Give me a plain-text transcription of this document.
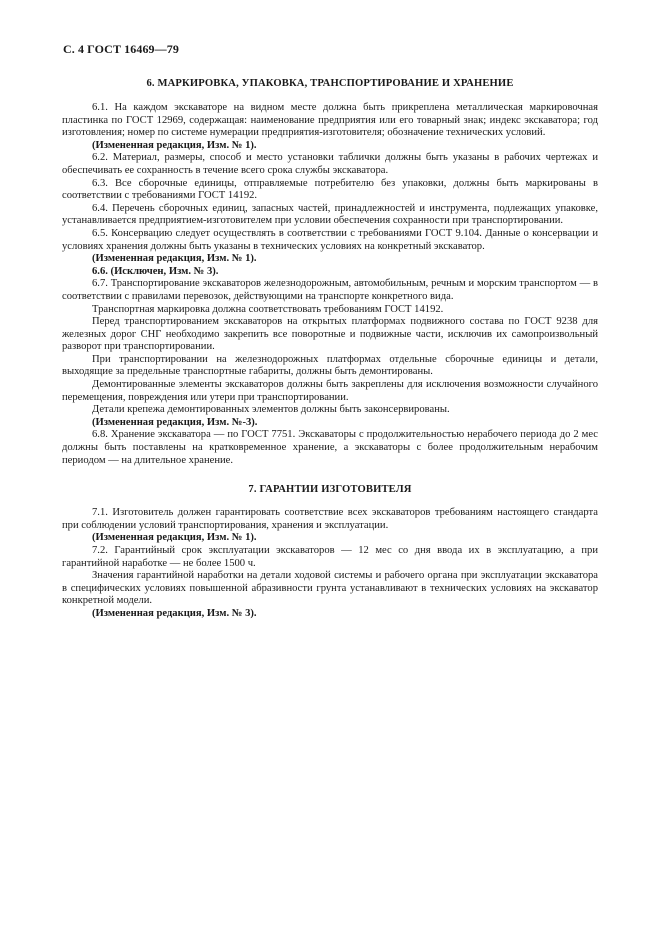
С. 4 ГОСТ 16469—79
6. МАРКИРОВКА, УПАКОВКА, ТРАНСПОРТИРОВАНИЕ И ХРАНЕНИЕ

6.1. На каждом экскаваторе на видном месте должна быть прикреплена металлическая маркировочная пластинка по ГОСТ 12969, содержащая: наименование предприятия или его товарный знак; индекс экскаватора; год изготовления; номер по системе нумерации предприятия-изготовителя; обозначение технических условий.

(Измененная редакция, Изм. № 1).

6.2. Материал, размеры, способ и место установки таблички должны быть указаны в рабочих чертежах и обеспечивать ее сохранность в течение всего срока службы экскаватора.

6.3. Все сборочные единицы, отправляемые потребителю без упаковки, должны быть маркированы в соответствии с требованиями ГОСТ 14192.

6.4. Перечень сборочных единиц, запасных частей, принадлежностей и инструмента, подлежащих упаковке, устанавливается предприятием-изготовителем при условии обеспечения сохранности при транспортировании.

6.5. Консервацию следует осуществлять в соответствии с требованиями ГОСТ 9.104. Данные о консервации и условиях хранения должны быть указаны в технических условиях на конкретный экскаватор.

(Измененная редакция, Изм. № 1).

6.6. (Исключен, Изм. № 3).

6.7. Транспортирование экскаваторов железнодорожным, автомобильным, речным и морским транспортом — в соответствии с правилами перевозок, действующими на транспорте конкретного вида.

Транспортная маркировка должна соответствовать требованиям ГОСТ 14192.

Перед транспортированием экскаваторов на открытых платформах подвижного состава по ГОСТ 9238 для железных дорог СНГ необходимо закрепить все поворотные и подвижные части, исключив их самопроизвольный разворот при транспортировании.

При транспортировании на железнодорожных платформах отдельные сборочные единицы и детали, выходящие за предельные транспортные габариты, должны быть демонтированы.

Демонтированные элементы экскаваторов должны быть закреплены для исключения возможности случайного перемещения, повреждения или утери при транспортировании.

Детали крепежа демонтированных элементов должны быть законсервированы.

(Измененная редакция, Изм. №-3).

6.8. Хранение экскаватора — по ГОСТ 7751. Экскаваторы с продолжительностью нерабочего периода до 2 мес должны быть поставлены на кратковременное хранение, а экскаваторы с более продолжительным нерабочим периодом — на длительное хранение.

7. ГАРАНТИИ ИЗГОТОВИТЕЛЯ

7.1. Изготовитель должен гарантировать соответствие всех экскаваторов требованиям настоящего стандарта при соблюдении условий транспортирования, хранения и эксплуатации.

(Измененная редакция, Изм. № 1).

7.2. Гарантийный срок эксплуатации экскаваторов — 12 мес со дня ввода их в эксплуатацию, а при гарантийной наработке — не более 1500 ч.

Значения гарантийной наработки на детали ходовой системы и рабочего органа при эксплуатации экскаватора в специфических условиях повышенной абразивности грунта устанавливают в технических условиях на экскаватор конкретной модели.

(Измененная редакция, Изм. № 3).
